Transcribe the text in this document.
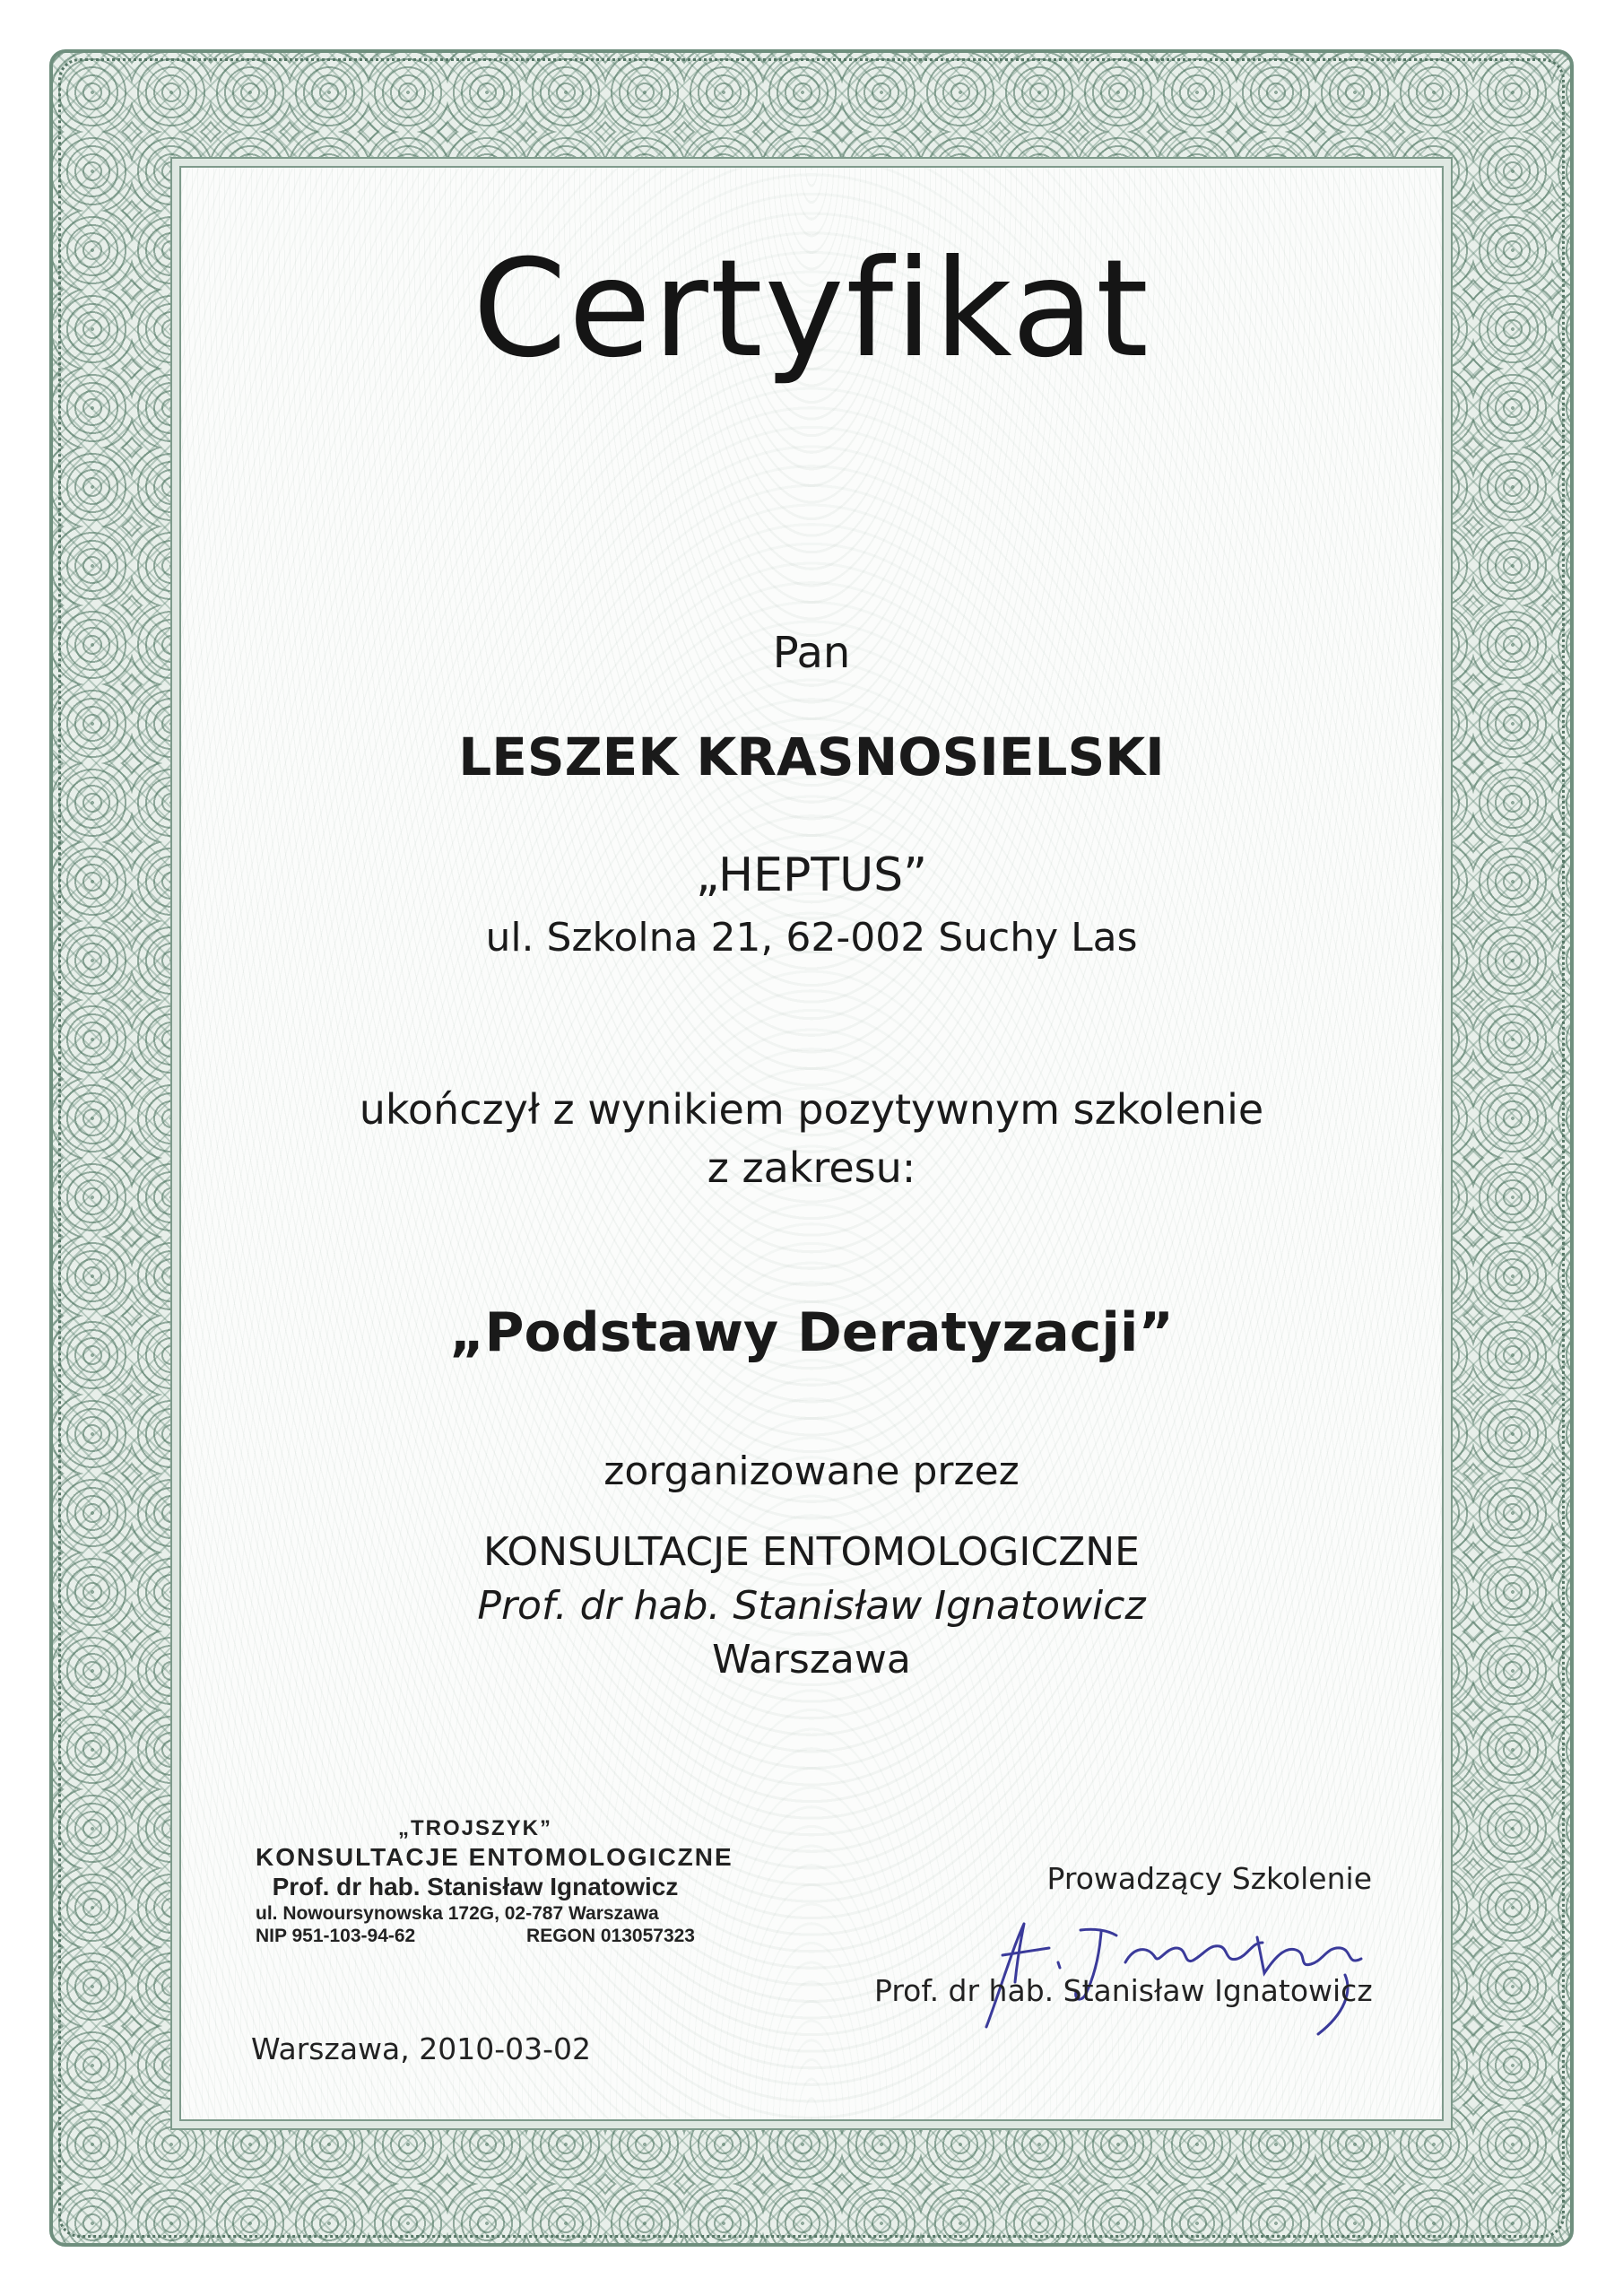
Certyfikat
Pan
LESZEK KRASNOSIELSKI
„HEPTUS”
ul. Szkolna 21, 62-002 Suchy Las
ukończył z wynikiem pozytywnym szkolenie
z zakresu:
„Podstawy Deratyzacji”
zorganizowane przez
KONSULTACJE ENTOMOLOGICZNE
Prof. dr hab. Stanisław Ignatowicz
Warszawa
„TROJSZYK”
KONSULTACJE ENTOMOLOGICZNE
Prof. dr hab. Stanisław Ignatowicz
ul. Nowoursynowska 172G, 02-787 Warszawa
NIP 951-103-94-62	REGON 013057323
Prowadzący Szkolenie
Prof. dr hab. Stanisław Ignatowicz
Warszawa, 2010-03-02
